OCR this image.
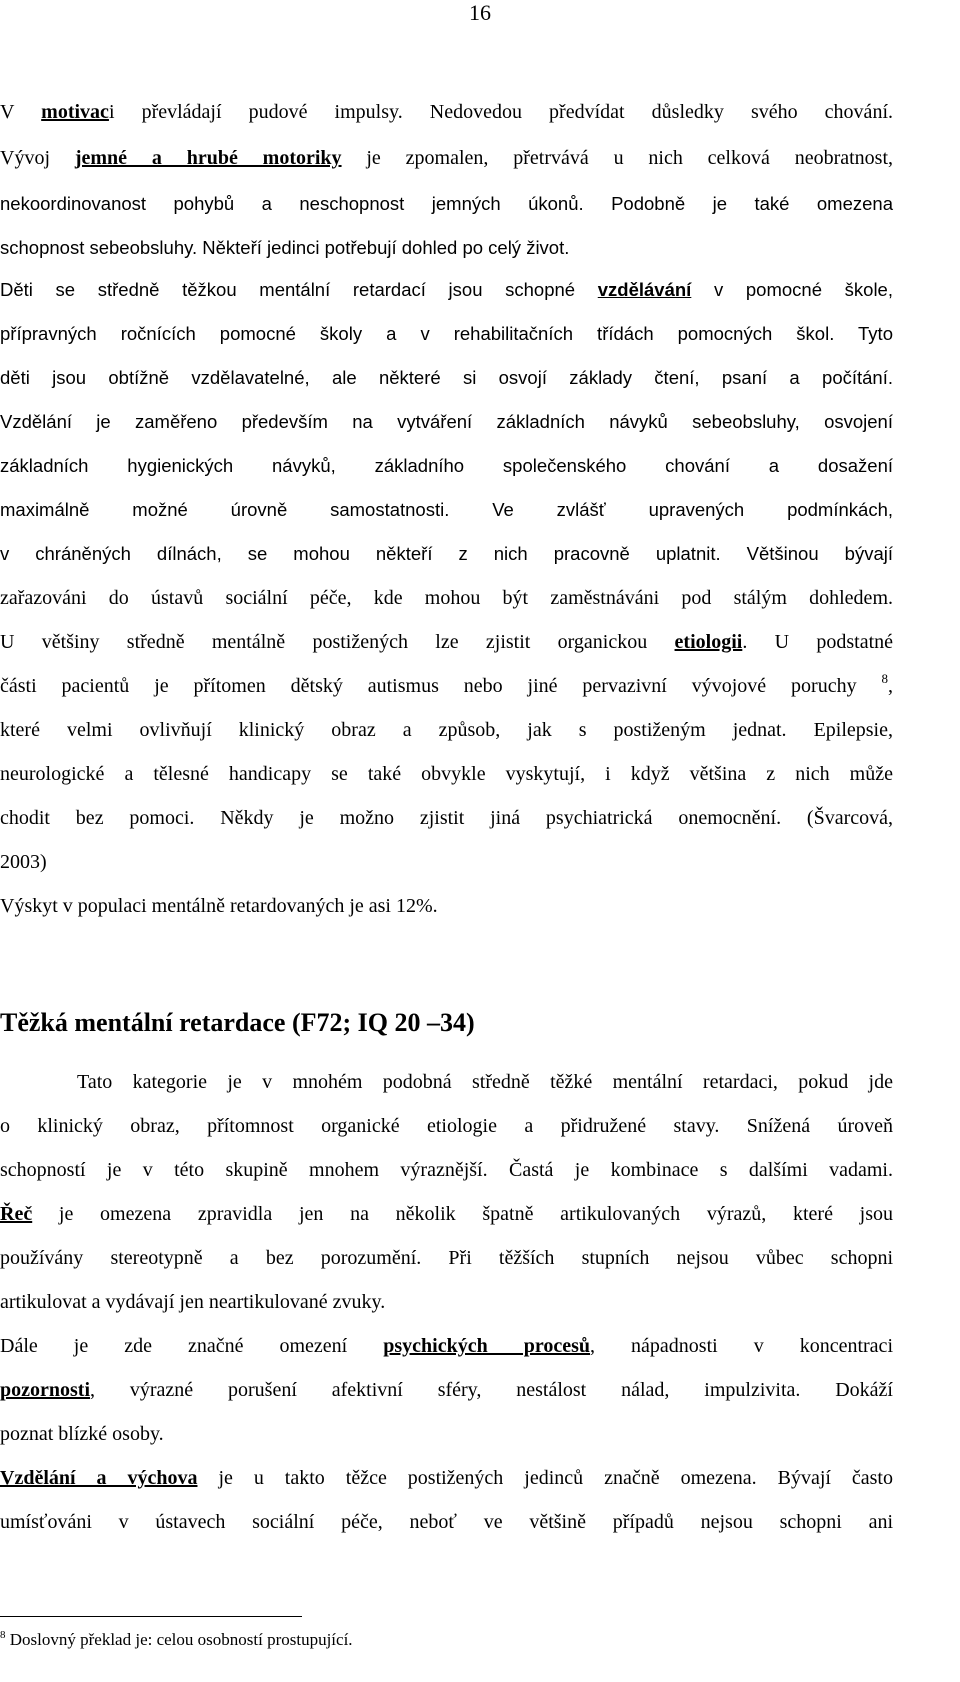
16
V motivaci převládají pudové impulsy. Nedovedou předvídat důsledky svého chování.
Vývoj jemné a hrubé motoriky je zpomalen, přetrvává u nich celková neobratnost,
nekoordinovanost pohybů a neschopnost jemných úkonů. Podobně je také omezena
schopnost sebeobsluhy. Někteří jedinci potřebují dohled po celý život.
Děti se středně těžkou mentální retardací jsou schopné vzdělávání v pomocné škole,
přípravných ročnících pomocné školy a v rehabilitačních třídách pomocných škol. Tyto
děti jsou obtížně vzdělavatelné, ale některé si osvojí základy čtení, psaní a počítání.
Vzdělání je zaměřeno především na vytváření základních návyků sebeobsluhy, osvojení
základních hygienických návyků, základního společenského chování a dosažení
maximálně možné úrovně samostatnosti. Ve zvlášť upravených podmínkách,
v chráněných dílnách, se mohou někteří z nich pracovně uplatnit. Většinou bývají
zařazováni do ústavů sociální péče, kde mohou být zaměstnáváni pod stálým dohledem.
U většiny středně mentálně postižených lze zjistit organickou etiologii. U podstatné
části pacientů je přítomen dětský autismus nebo jiné pervazivní vývojové poruchy $^8$,
které velmi ovlivňují klinický obraz a způsob, jak s postiženým jednat. Epilepsie,
neurologické a tělesné handicapy se také obvykle vyskytují, i když většina z nich může
chodit bez pomoci. Někdy je možno zjistit jiná psychiatrická onemocnění. (Švarcová,
2003)
Výskyt v populaci mentálně retardovaných je asi 12%.
Těžká mentální retardace (F72; IQ 20 –34)
Tato kategorie je v mnohém podobná středně těžké mentální retardaci, pokud jde
o klinický obraz, přítomnost organické etiologie a přidružené stavy. Snížená úroveň
schopností je v této skupině mnohem výraznější. Častá je kombinace s dalšími vadami.
Řeč je omezena zpravidla jen na několik špatně artikulovaných výrazů, které jsou
používány stereotypně a bez porozumění. Při těžších stupních nejsou vůbec schopni
artikulovat a vydávají jen neartikulované zvuky.
Dále je zde značné omezení psychických procesů, nápadnosti v koncentraci
pozornosti, výrazné porušení afektivní sféry, nestálost nálad, impulzivita. Dokáží
poznat blízké osoby.
Vzdělání a výchova je u takto těžce postižených jedinců značně omezena. Bývají často
umísťováni v ústavech sociální péče, neboť ve většině případů nejsou schopni ani
$^8$ Doslovný překlad je: celou osobností prostupující.
